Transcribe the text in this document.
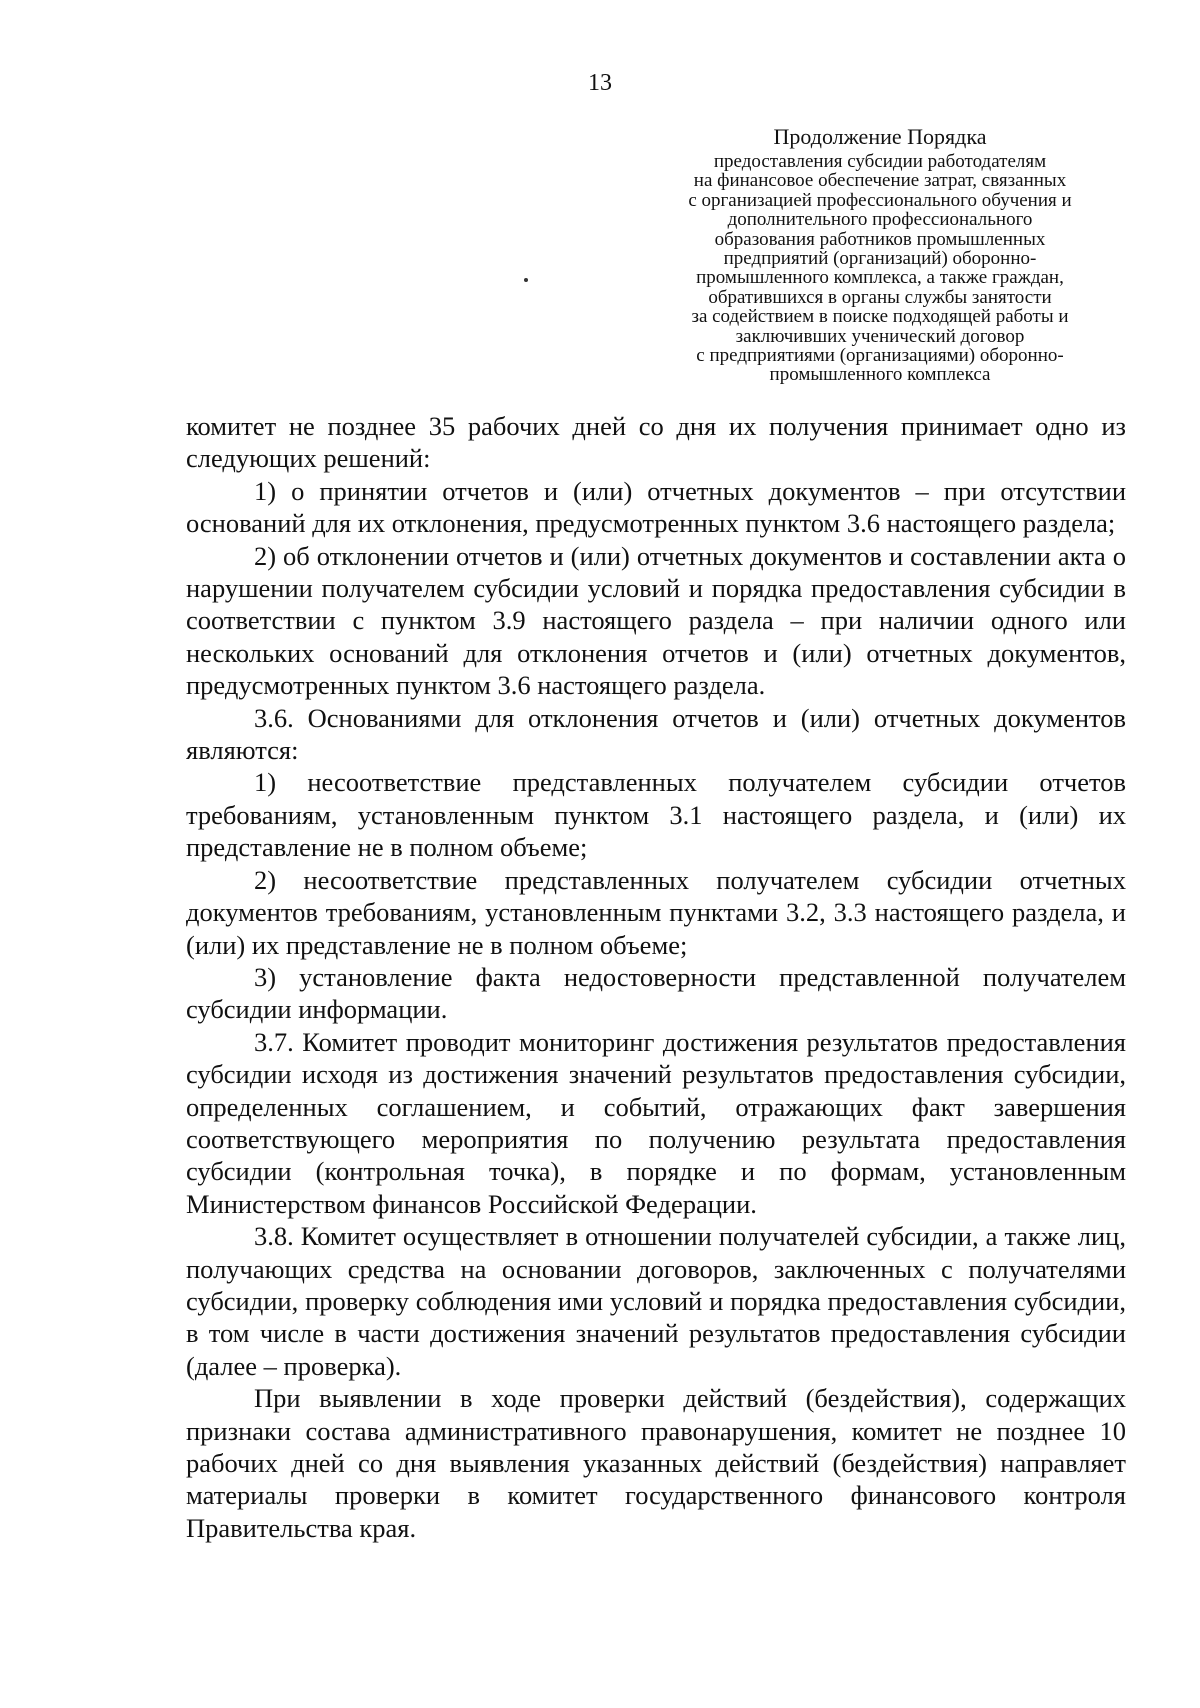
13
Продолжение Порядка
предоставления субсидии работодателям
на финансовое обеспечение затрат, связанных
с организацией профессионального обучения и
дополнительного профессионального
образования работников промышленных
предприятий (организаций) оборонно-
промышленного комплекса, а также граждан,
обратившихся в органы службы занятости
за содействием в поиске подходящей работы и
заключивших ученический договор
с предприятиями (организациями) оборонно-
промышленного комплекса

комитет не позднее 35 рабочих дней со дня их получения принимает одно из следующих решений:

1) о принятии отчетов и (или) отчетных документов – при отсутствии оснований для их отклонения, предусмотренных пунктом 3.6 настоящего раздела;

2) об отклонении отчетов и (или) отчетных документов и составлении акта о нарушении получателем субсидии условий и порядка предоставления субсидии в соответствии с пунктом 3.9 настоящего раздела – при наличии одного или нескольких оснований для отклонения отчетов и (или) отчетных документов, предусмотренных пунктом 3.6 настоящего раздела.

3.6. Основаниями для отклонения отчетов и (или) отчетных документов являются:

1) несоответствие представленных получателем субсидии отчетов требованиям, установленным пунктом 3.1 настоящего раздела, и (или) их представление не в полном объеме;

2) несоответствие представленных получателем субсидии отчетных документов требованиям, установленным пунктами 3.2, 3.3 настоящего раздела, и (или) их представление не в полном объеме;

3) установление факта недостоверности представленной получателем субсидии информации.

3.7. Комитет проводит мониторинг достижения результатов предоставления субсидии исходя из достижения значений результатов предоставления субсидии, определенных соглашением, и событий, отражающих факт завершения соответствующего мероприятия по получению результата предоставления субсидии (контрольная точка), в порядке и по формам, установленным Министерством финансов Российской Федерации.

3.8. Комитет осуществляет в отношении получателей субсидии, а также лиц, получающих средства на основании договоров, заключенных с получателями субсидии, проверку соблюдения ими условий и порядка предоставления субсидии, в том числе в части достижения значений результатов предоставления субсидии (далее – проверка).

При выявлении в ходе проверки действий (бездействия), содержащих признаки состава административного правонарушения, комитет не позднее 10 рабочих дней со дня выявления указанных действий (бездействия) направляет материалы проверки в комитет государственного финансового контроля Правительства края.
